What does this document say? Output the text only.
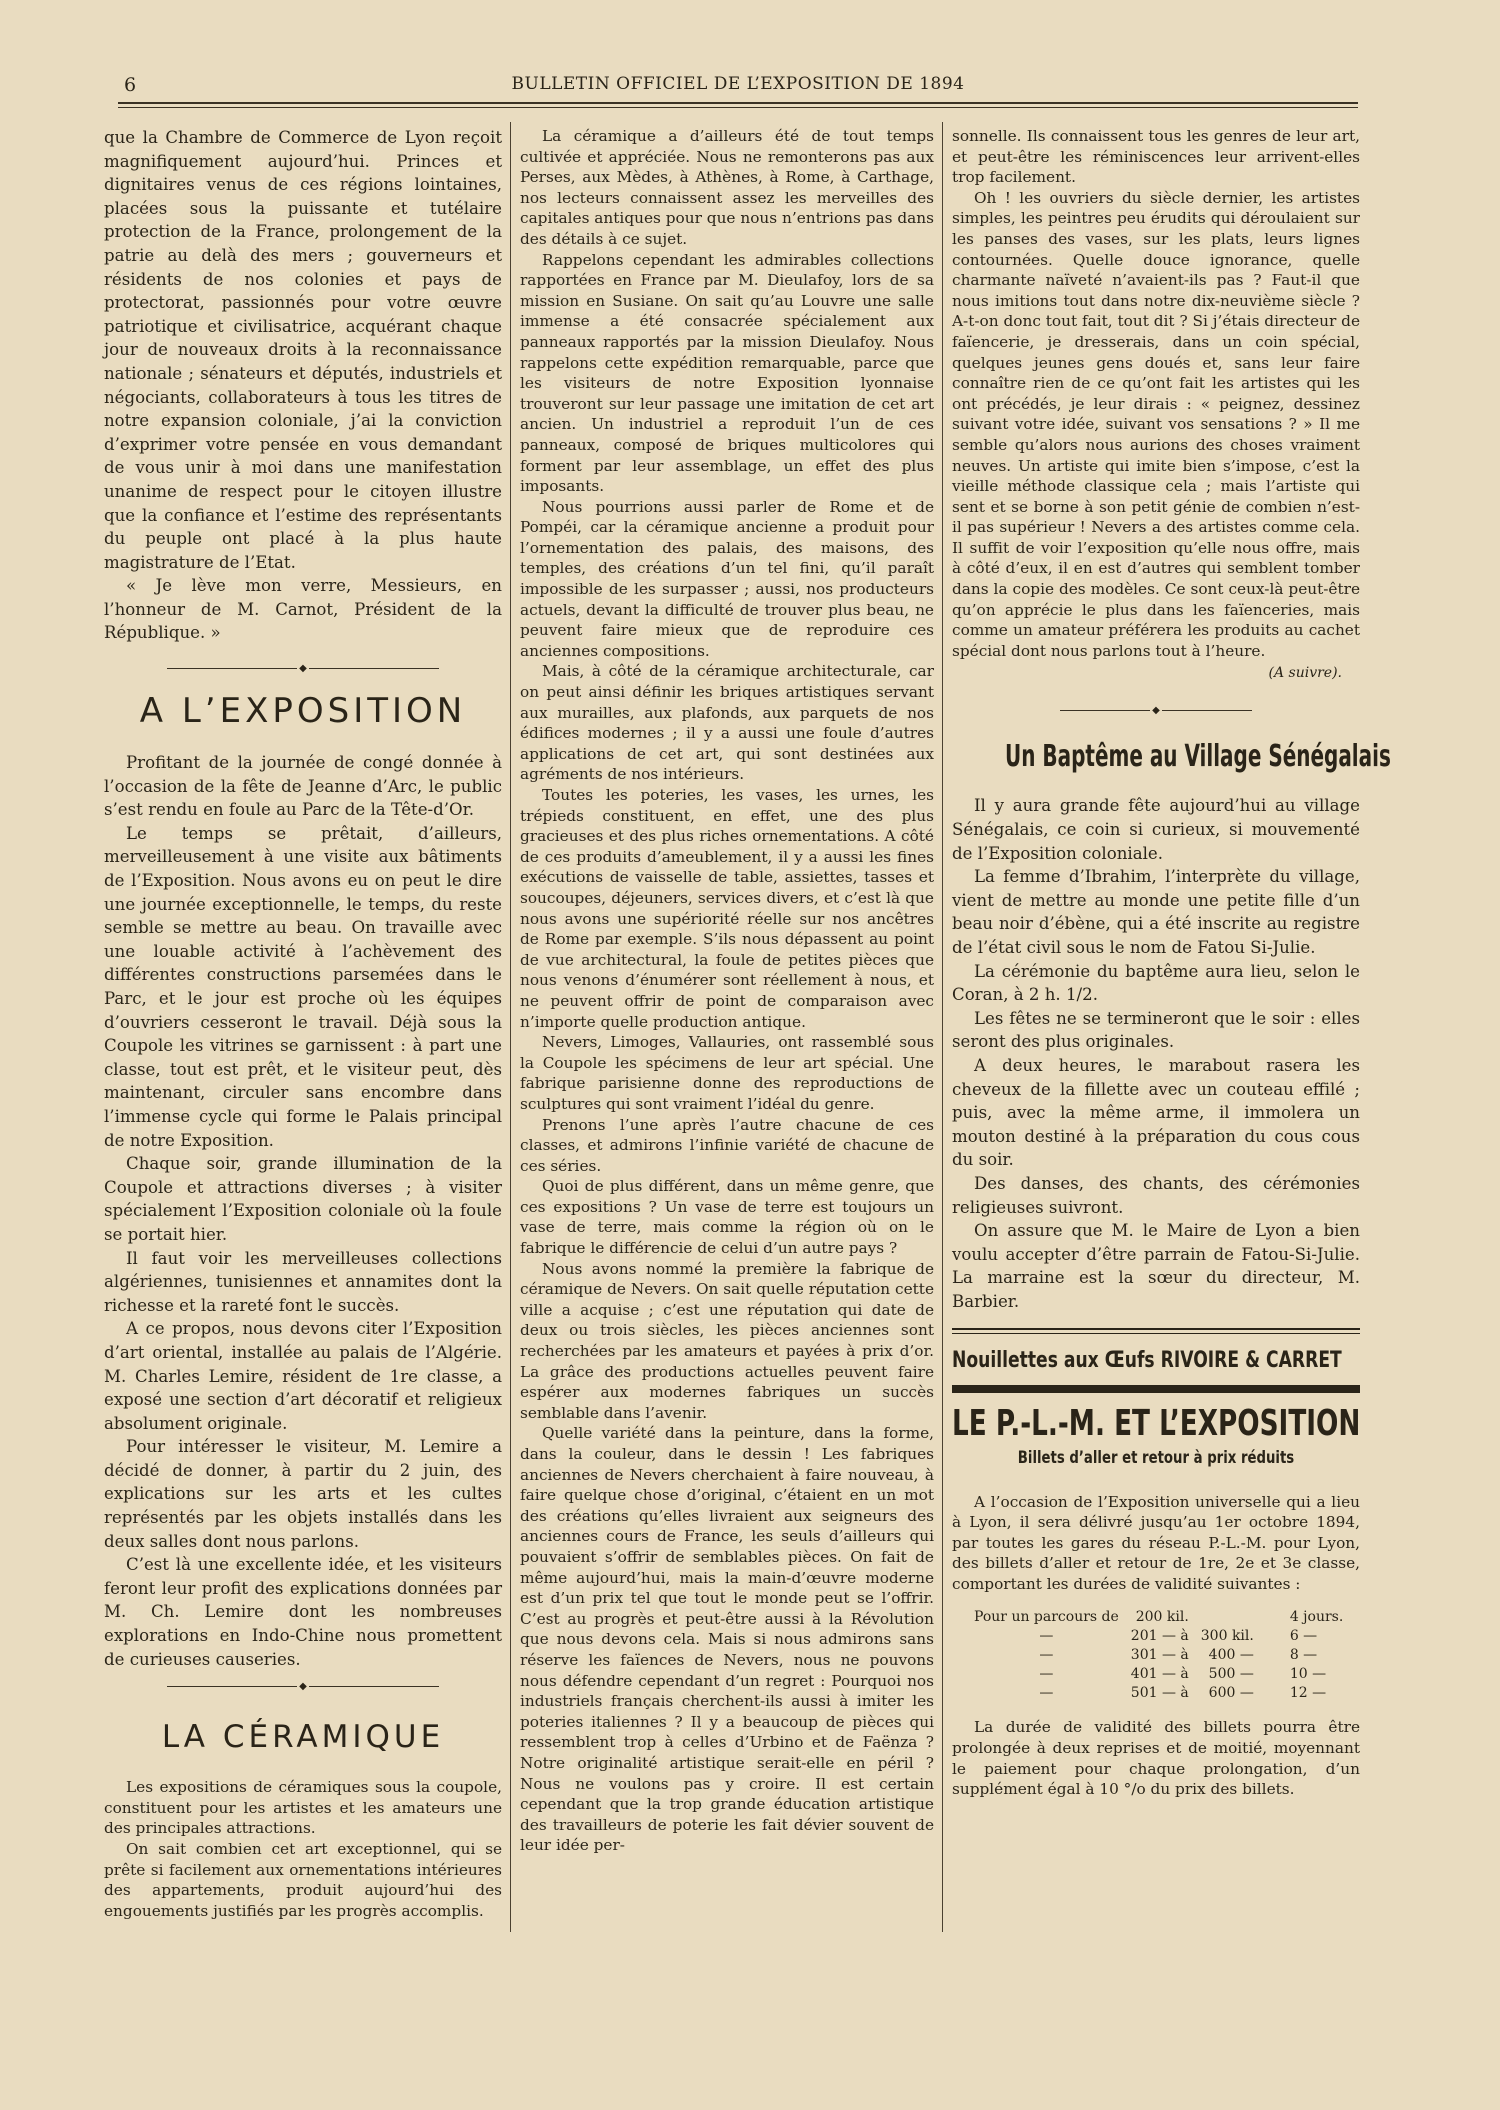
6	BULLETIN OFFICIEL DE L’EXPOSITION DE 1894

que la Chambre de Commerce de Lyon reçoit magnifiquement aujourd’hui. Princes et dignitaires venus de ces régions lointaines, placées sous la puissante et tutélaire protection de la France, prolongement de la patrie au delà des mers ; gouverneurs et résidents de nos colonies et pays de protectorat, passionnés pour votre œuvre patriotique et civilisatrice, acquérant chaque jour de nouveaux droits à la reconnaissance nationale ; sénateurs et députés, industriels et négociants, collaborateurs à tous les titres de notre expansion coloniale, j’ai la conviction d’exprimer votre pensée en vous demandant de vous unir à moi dans une manifestation unanime de respect pour le citoyen illustre que la confiance et l’estime des représentants du peuple ont placé à la plus haute magistrature de l’Etat.

« Je lève mon verre, Messieurs, en l’honneur de M. Carnot, Président de la République. »

◆
A L’EXPOSITION

Profitant de la journée de congé donnée à l’occasion de la fête de Jeanne d’Arc, le public s’est rendu en foule au Parc de la Tête-d’Or.

Le temps se prêtait, d’ailleurs, merveilleusement à une visite aux bâtiments de l’Exposition. Nous avons eu on peut le dire une journée exceptionnelle, le temps, du reste semble se mettre au beau. On travaille avec une louable activité à l’achèvement des différentes constructions parsemées dans le Parc, et le jour est proche où les équipes d’ouvriers cesseront le travail. Déjà sous la Coupole les vitrines se garnissent : à part une classe, tout est prêt, et le visiteur peut, dès maintenant, circuler sans encombre dans l’immense cycle qui forme le Palais principal de notre Exposition.

Chaque soir, grande illumination de la Coupole et attractions diverses ; à visiter spécialement l’Exposition coloniale où la foule se portait hier.

Il faut voir les merveilleuses collections algériennes, tunisiennes et annamites dont la richesse et la rareté font le succès.

A ce propos, nous devons citer l’Exposition d’art oriental, installée au palais de l’Algérie. M. Charles Lemire, résident de 1re classe, a exposé une section d’art décoratif et religieux absolument originale.

Pour intéresser le visiteur, M. Lemire a décidé de donner, à partir du 2 juin, des explications sur les arts et les cultes représentés par les objets installés dans les deux salles dont nous parlons.

C’est là une excellente idée, et les visiteurs feront leur profit des explications données par M. Ch. Lemire dont les nombreuses explorations en Indo-Chine nous promettent de curieuses causeries.

◆
LA CÉRAMIQUE

Les expositions de céramiques sous la coupole, constituent pour les artistes et les amateurs une des principales attractions.

On sait combien cet art exceptionnel, qui se prête si facilement aux ornementations intérieures des appartements, produit aujourd’hui des engouements justifiés par les progrès accomplis.

La céramique a d’ailleurs été de tout temps cultivée et appréciée. Nous ne remonterons pas aux Perses, aux Mèdes, à Athènes, à Rome, à Carthage, nos lecteurs connaissent assez les merveilles des capitales antiques pour que nous n’entrions pas dans des détails à ce sujet.

Rappelons cependant les admirables collections rapportées en France par M. Dieulafoy, lors de sa mission en Susiane. On sait qu’au Louvre une salle immense a été consacrée spécialement aux panneaux rapportés par la mission Dieulafoy. Nous rappelons cette expédition remarquable, parce que les visiteurs de notre Exposition lyonnaise trouveront sur leur passage une imitation de cet art ancien. Un industriel a reproduit l’un de ces panneaux, composé de briques multicolores qui forment par leur assemblage, un effet des plus imposants.

Nous pourrions aussi parler de Rome et de Pompéi, car la céramique ancienne a produit pour l’ornementation des palais, des maisons, des temples, des créations d’un tel fini, qu’il paraît impossible de les surpasser ; aussi, nos producteurs actuels, devant la difficulté de trouver plus beau, ne peuvent faire mieux que de reproduire ces anciennes compositions.

Mais, à côté de la céramique architecturale, car on peut ainsi définir les briques artistiques servant aux murailles, aux plafonds, aux parquets de nos édifices modernes ; il y a aussi une foule d’autres applications de cet art, qui sont destinées aux agréments de nos intérieurs.

Toutes les poteries, les vases, les urnes, les trépieds constituent, en effet, une des plus gracieuses et des plus riches ornementations. A côté de ces produits d’ameublement, il y a aussi les fines exécutions de vaisselle de table, assiettes, tasses et soucoupes, déjeuners, services divers, et c’est là que nous avons une supériorité réelle sur nos ancêtres de Rome par exemple. S’ils nous dépassent au point de vue architectural, la foule de petites pièces que nous venons d’énumérer sont réellement à nous, et ne peuvent offrir de point de comparaison avec n’importe quelle production antique.

Nevers, Limoges, Vallauries, ont rassemblé sous la Coupole les spécimens de leur art spécial. Une fabrique parisienne donne des reproductions de sculptures qui sont vraiment l’idéal du genre.

Prenons l’une après l’autre chacune de ces classes, et admirons l’infinie variété de chacune de ces séries.

Quoi de plus différent, dans un même genre, que ces expositions ? Un vase de terre est toujours un vase de terre, mais comme la région où on le fabrique le différencie de celui d’un autre pays ?

Nous avons nommé la première la fabrique de céramique de Nevers. On sait quelle réputation cette ville a acquise ; c’est une réputation qui date de deux ou trois siècles, les pièces anciennes sont recherchées par les amateurs et payées à prix d’or. La grâce des productions actuelles peuvent faire espérer aux modernes fabriques un succès semblable dans l’avenir.

Quelle variété dans la peinture, dans la forme, dans la couleur, dans le dessin ! Les fabriques anciennes de Nevers cherchaient à faire nouveau, à faire quelque chose d’original, c’étaient en un mot des créations qu’elles livraient aux seigneurs des anciennes cours de France, les seuls d’ailleurs qui pouvaient s’offrir de semblables pièces. On fait de même aujourd’hui, mais la main-d’œuvre moderne est d’un prix tel que tout le monde peut se l’offrir. C’est au progrès et peut-être aussi à la Révolution que nous devons cela. Mais si nous admirons sans réserve les faïences de Nevers, nous ne pouvons nous défendre cependant d’un regret : Pourquoi nos industriels français cherchent-ils aussi à imiter les poteries italiennes ? Il y a beaucoup de pièces qui ressemblent trop à celles d’Urbino et de Faënza ? Notre originalité artistique serait-elle en péril ? Nous ne voulons pas y croire. Il est certain cependant que la trop grande éducation artistique des travailleurs de poterie les fait dévier souvent de leur idée per-

sonnelle. Ils connaissent tous les genres de leur art, et peut-être les réminiscences leur arrivent-elles trop facilement.

Oh ! les ouvriers du siècle dernier, les artistes simples, les peintres peu érudits qui déroulaient sur les panses des vases, sur les plats, leurs lignes contournées. Quelle douce ignorance, quelle charmante naïveté n’avaient-ils pas ? Faut-il que nous imitions tout dans notre dix-neuvième siècle ? A-t-on donc tout fait, tout dit ? Si j’étais directeur de faïencerie, je dresserais, dans un coin spécial, quelques jeunes gens doués et, sans leur faire connaître rien de ce qu’ont fait les artistes qui les ont précédés, je leur dirais : « peignez, dessinez suivant votre idée, suivant vos sensations ? » Il me semble qu’alors nous aurions des choses vraiment neuves. Un artiste qui imite bien s’impose, c’est la vieille méthode classique cela ; mais l’artiste qui sent et se borne à son petit génie de combien n’est-il pas supérieur ! Nevers a des artistes comme cela. Il suffit de voir l’exposition qu’elle nous offre, mais à côté d’eux, il en est d’autres qui semblent tomber dans la copie des modèles. Ce sont ceux-là peut-être qu’on apprécie le plus dans les faïenceries, mais comme un amateur préférera les produits au cachet spécial dont nous parlons tout à l’heure.

(A suivre).
◆
Un Baptême au Village Sénégalais

Il y aura grande fête aujourd’hui au village Sénégalais, ce coin si curieux, si mouvementé de l’Exposition coloniale.

La femme d’Ibrahim, l’interprète du village, vient de mettre au monde une petite fille d’un beau noir d’ébène, qui a été inscrite au registre de l’état civil sous le nom de Fatou Si-Julie.

La cérémonie du baptême aura lieu, selon le Coran, à 2 h. 1/2.

Les fêtes ne se termineront que le soir : elles seront des plus originales.

A deux heures, le marabout rasera les cheveux de la fillette avec un couteau effilé ; puis, avec la même arme, il immolera un mouton destiné à la préparation du cous cous du soir.

Des danses, des chants, des cérémonies religieuses suivront.

On assure que M. le Maire de Lyon a bien voulu accepter d’être parrain de Fatou-Si-Julie. La marraine est la sœur du directeur, M. Barbier.

Nouillettes aux Œufs RIVOIRE & CARRET
LE P.-L.-M. ET L’EXPOSITION
Billets d’aller et retour à prix réduits

A l’occasion de l’Exposition universelle qui a lieu à Lyon, il sera délivré jusqu’au 1er octobre 1894, par toutes les gares du réseau P.-L.-M. pour Lyon, des billets d’aller et retour de 1re, 2e et 3e classe, comportant les durées de validité suivantes :

Pour un parcours de	200 kil.		4 jours.
—	201 — à	300 kil.	6 —
—	301 — à	400 —	8 —
—	401 — à	500 —	10 —
—	501 — à	600 —	12 —

La durée de validité des billets pourra être prolongée à deux reprises et de moitié, moyennant le paiement pour chaque prolongation, d’un supplément égal à 10 °/o du prix des billets.
